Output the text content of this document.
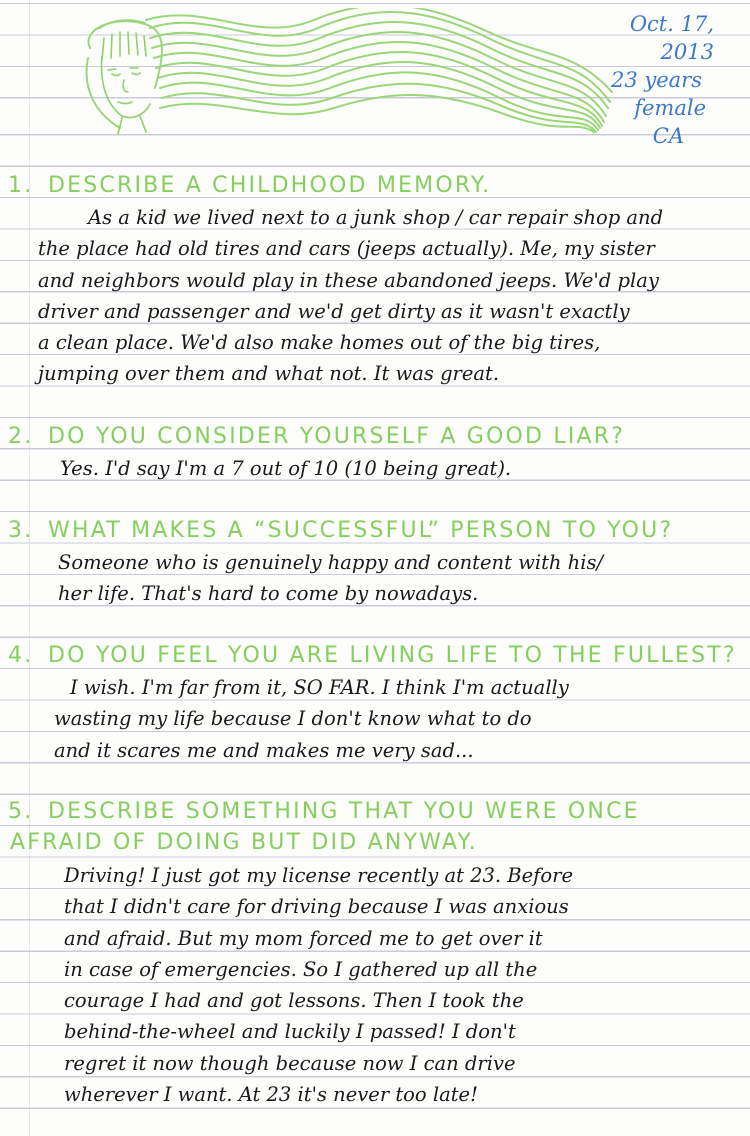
Oct. 17, 2013
23 years
female
CA
1. DESCRIBE A CHILDHOOD MEMORY.
As a kid we lived next to a junk shop / car repair shop and
the place had old tires and cars (jeeps actually). Me, my sister
and neighbors would play in these abandoned jeeps. We'd play
driver and passenger and we'd get dirty as it wasn't exactly
a clean place. We'd also make homes out of the big tires,
jumping over them and what not. It was great.
2. DO YOU CONSIDER YOURSELF A GOOD LIAR?
Yes. I'd say I'm a 7 out of 10 (10 being great).
3. WHAT MAKES A “SUCCESSFUL” PERSON TO YOU?
Someone who is genuinely happy and content with his/
her life. That's hard to come by nowadays.
4. DO YOU FEEL YOU ARE LIVING LIFE TO THE FULLEST?
I wish. I'm far from it, SO FAR. I think I'm actually
wasting my life because I don't know what to do
and it scares me and makes me very sad...
5. DESCRIBE SOMETHING THAT YOU WERE ONCE
AFRAID OF DOING BUT DID ANYWAY.
Driving! I just got my license recently at 23. Before
that I didn't care for driving because I was anxious
and afraid. But my mom forced me to get over it
in case of emergencies. So I gathered up all the
courage I had and got lessons. Then I took the
behind-the-wheel and luckily I passed! I don't
regret it now though because now I can drive
wherever I want. At 23 it's never too late!
